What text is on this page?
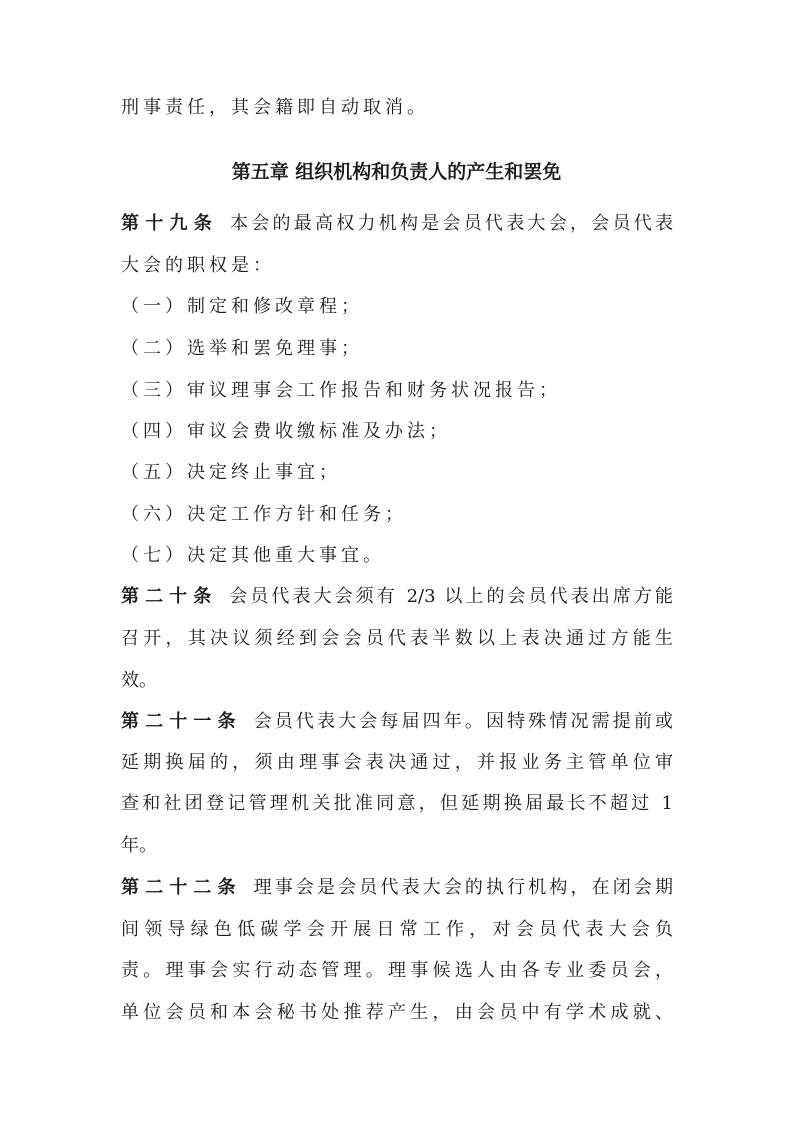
刑事责任，其会籍即自动取消。
第五章 组织机构和负责人的产生和罢免
第十九条 本会的最高权力机构是会员代表大会，会员代表
大会的职权是：
（一）制定和修改章程；
（二）选举和罢免理事；
（三）审议理事会工作报告和财务状况报告；
（四）审议会费收缴标准及办法；
（五）决定终止事宜；
（六）决定工作方针和任务；
（七）决定其他重大事宜。
第二十条 会员代表大会须有 2/3 以上的会员代表出席方能
召开，其决议须经到会会员代表半数以上表决通过方能生
效。
第二十一条 会员代表大会每届四年。因特殊情况需提前或
延期换届的，须由理事会表决通过，并报业务主管单位审
查和社团登记管理机关批准同意，但延期换届最长不超过 1
年。
第二十二条 理事会是会员代表大会的执行机构，在闭会期
间领导绿色低碳学会开展日常工作，对会员代表大会负
责。理事会实行动态管理。理事候选人由各专业委员会，
单位会员和本会秘书处推荐产生，由会员中有学术成就、
